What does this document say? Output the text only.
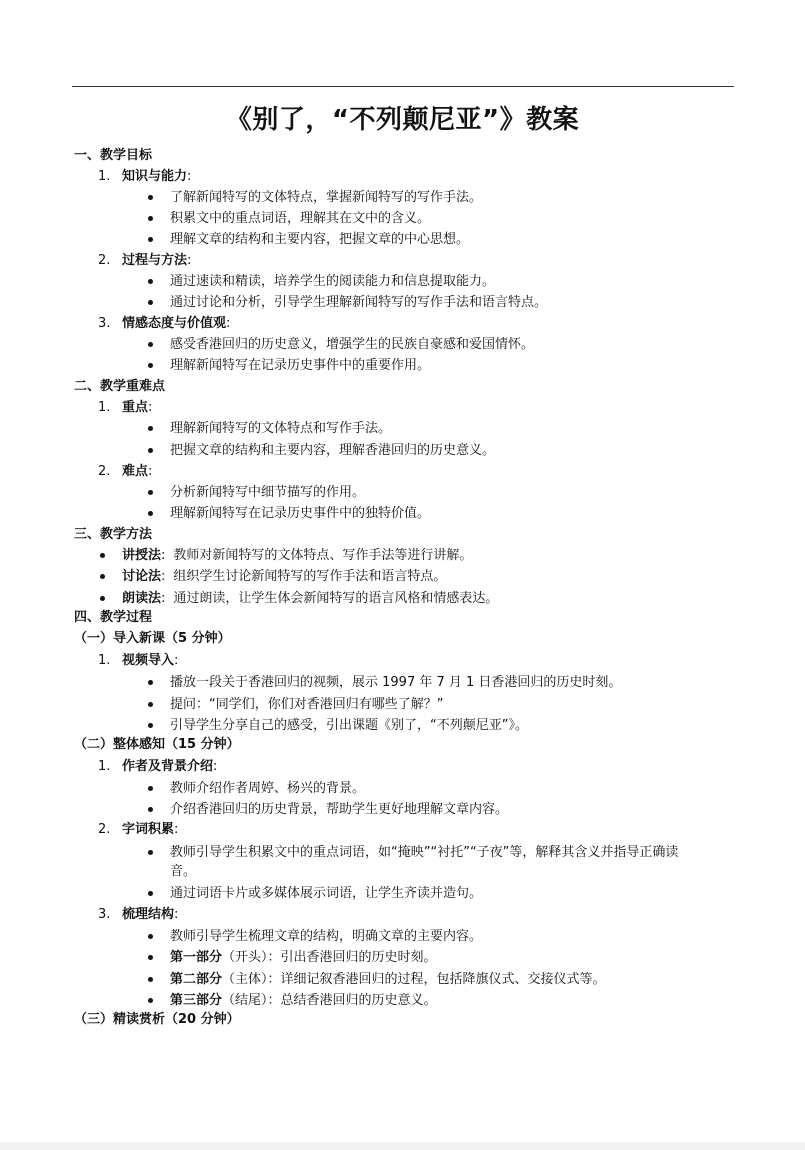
《别了，“不列颠尼亚”》教案
一、教学目标
1. 知识与能力:
了解新闻特写的文体特点，掌握新闻特写的写作手法。
积累文中的重点词语，理解其在文中的含义。
理解文章的结构和主要内容，把握文章的中心思想。
2. 过程与方法:
通过速读和精读，培养学生的阅读能力和信息提取能力。
通过讨论和分析，引导学生理解新闻特写的写作手法和语言特点。
3. 情感态度与价值观:
感受香港回归的历史意义，增强学生的民族自豪感和爱国情怀。
理解新闻特写在记录历史事件中的重要作用。
二、教学重难点
1. 重点:
理解新闻特写的文体特点和写作手法。
把握文章的结构和主要内容，理解香港回归的历史意义。
2. 难点:
分析新闻特写中细节描写的作用。
理解新闻特写在记录历史事件中的独特价值。
三、教学方法
讲授法: 教师对新闻特写的文体特点、写作手法等进行讲解。
讨论法: 组织学生讨论新闻特写的写作手法和语言特点。
朗读法: 通过朗读，让学生体会新闻特写的语言风格和情感表达。
四、教学过程
（一）导入新课（5 分钟）
1. 视频导入:
播放一段关于香港回归的视频，展示 1997 年 7 月 1 日香港回归的历史时刻。
提问：“同学们，你们对香港回归有哪些了解？”
引导学生分享自己的感受，引出课题《别了，“不列颠尼亚”》。
（二）整体感知（15 分钟）
1. 作者及背景介绍:
教师介绍作者周婷、杨兴的背景。
介绍香港回归的历史背景，帮助学生更好地理解文章内容。
2. 字词积累:
教师引导学生积累文中的重点词语，如“掩映”“衬托”“子夜”等，解释其含义并指导正确读
音。
通过词语卡片或多媒体展示词语，让学生齐读并造句。
3. 梳理结构:
教师引导学生梳理文章的结构，明确文章的主要内容。
第一部分（开头）：引出香港回归的历史时刻。
第二部分（主体）：详细记叙香港回归的过程，包括降旗仪式、交接仪式等。
第三部分（结尾）：总结香港回归的历史意义。
（三）精读赏析（20 分钟）
